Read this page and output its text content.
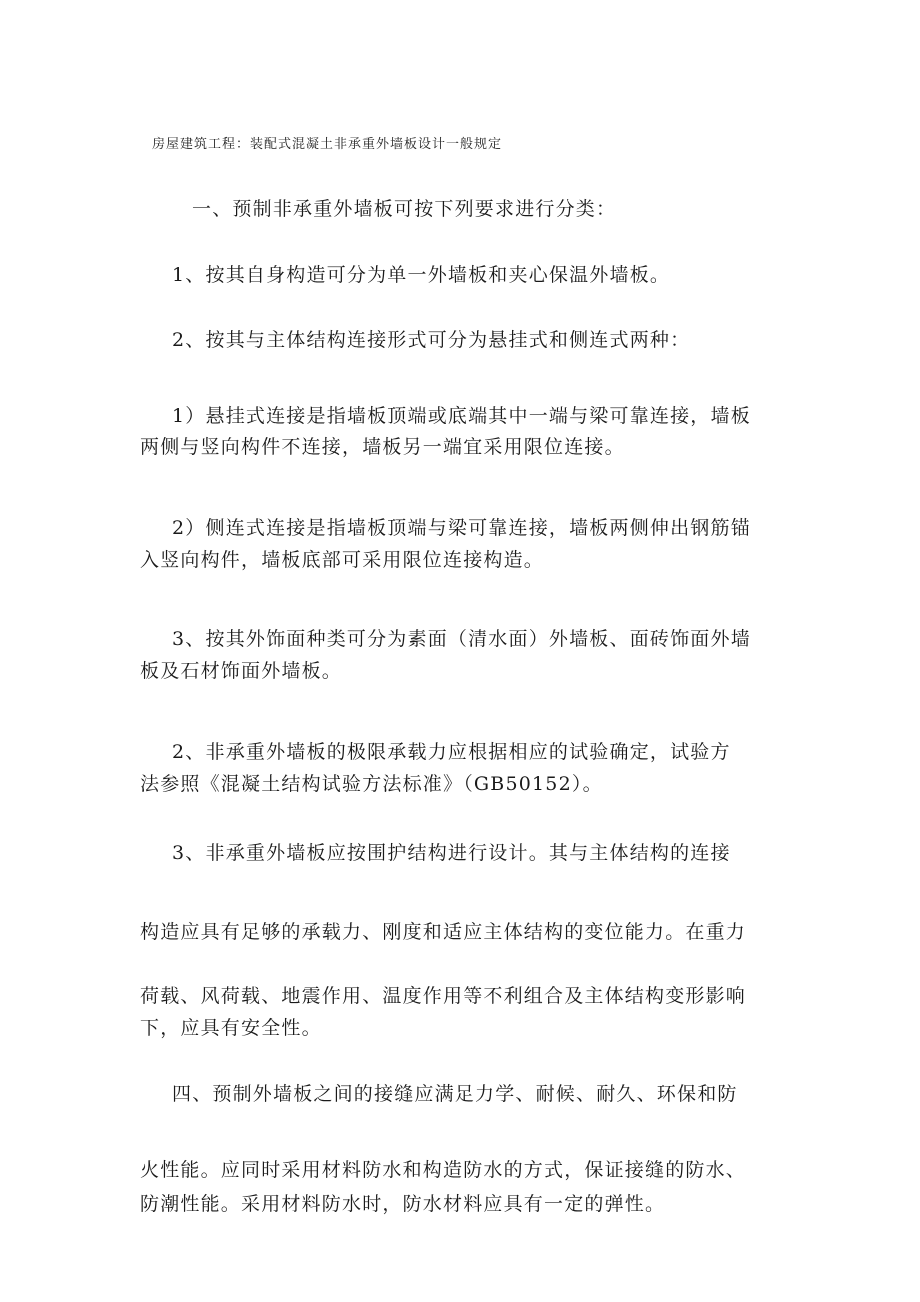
房屋建筑工程：装配式混凝土非承重外墙板设计一般规定
一、预制非承重外墙板可按下列要求进行分类：
1、按其自身构造可分为单一外墙板和夹心保温外墙板。
2、按其与主体结构连接形式可分为悬挂式和侧连式两种：
1）悬挂式连接是指墙板顶端或底端其中一端与梁可靠连接，墙板
两侧与竖向构件不连接，墙板另一端宜采用限位连接。
2）侧连式连接是指墙板顶端与梁可靠连接，墙板两侧伸出钢筋锚
入竖向构件，墙板底部可采用限位连接构造。
3、按其外饰面种类可分为素面（清水面）外墙板、面砖饰面外墙
板及石材饰面外墙板。
2、非承重外墙板的极限承载力应根据相应的试验确定，试验方
法参照《混凝土结构试验方法标准》（GB50152）。
3、非承重外墙板应按围护结构进行设计。其与主体结构的连接
构造应具有足够的承载力、刚度和适应主体结构的变位能力。在重力
荷载、风荷载、地震作用、温度作用等不利组合及主体结构变形影响
下，应具有安全性。
四、预制外墙板之间的接缝应满足力学、耐候、耐久、环保和防
火性能。应同时采用材料防水和构造防水的方式，保证接缝的防水、
防潮性能。采用材料防水时，防水材料应具有一定的弹性。
